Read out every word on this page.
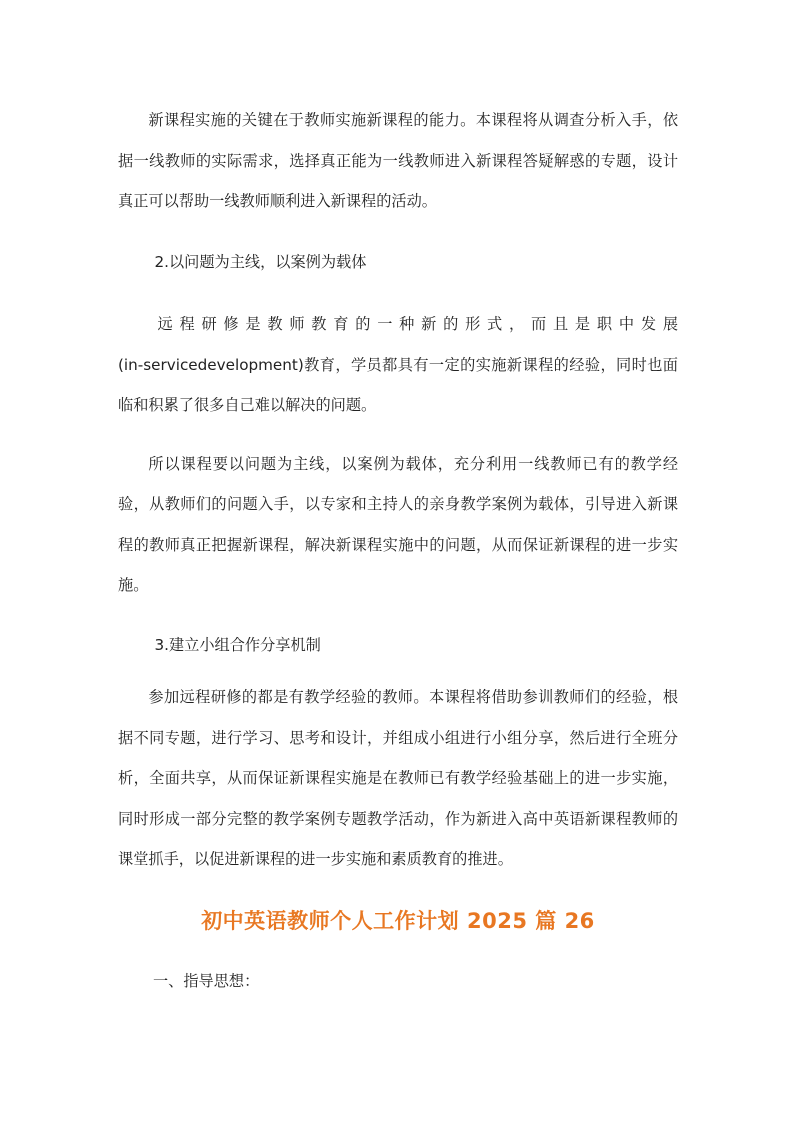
新课程实施的关键在于教师实施新课程的能力。本课程将从调查分析入手，依据一线教师的实际需求，选择真正能为一线教师进入新课程答疑解惑的专题，设计真正可以帮助一线教师顺利进入新课程的活动。

2.以问题为主线，以案例为载体

远程研修是教师教育的一种新的形式，而且是职中发展

(in-servicedevelopment)教育，学员都具有一定的实施新课程的经验，同时也面临和积累了很多自己难以解决的问题。

所以课程要以问题为主线，以案例为载体，充分利用一线教师已有的教学经验，从教师们的问题入手，以专家和主持人的亲身教学案例为载体，引导进入新课程的教师真正把握新课程，解决新课程实施中的问题，从而保证新课程的进一步实施。

3.建立小组合作分享机制

参加远程研修的都是有教学经验的教师。本课程将借助参训教师们的经验，根据不同专题，进行学习、思考和设计，并组成小组进行小组分享，然后进行全班分析，全面共享，从而保证新课程实施是在教师已有教学经验基础上的进一步实施，同时形成一部分完整的教学案例专题教学活动，作为新进入高中英语新课程教师的课堂抓手，以促进新课程的进一步实施和素质教育的推进。

初中英语教师个人工作计划 2025 篇 26

一、指导思想：
